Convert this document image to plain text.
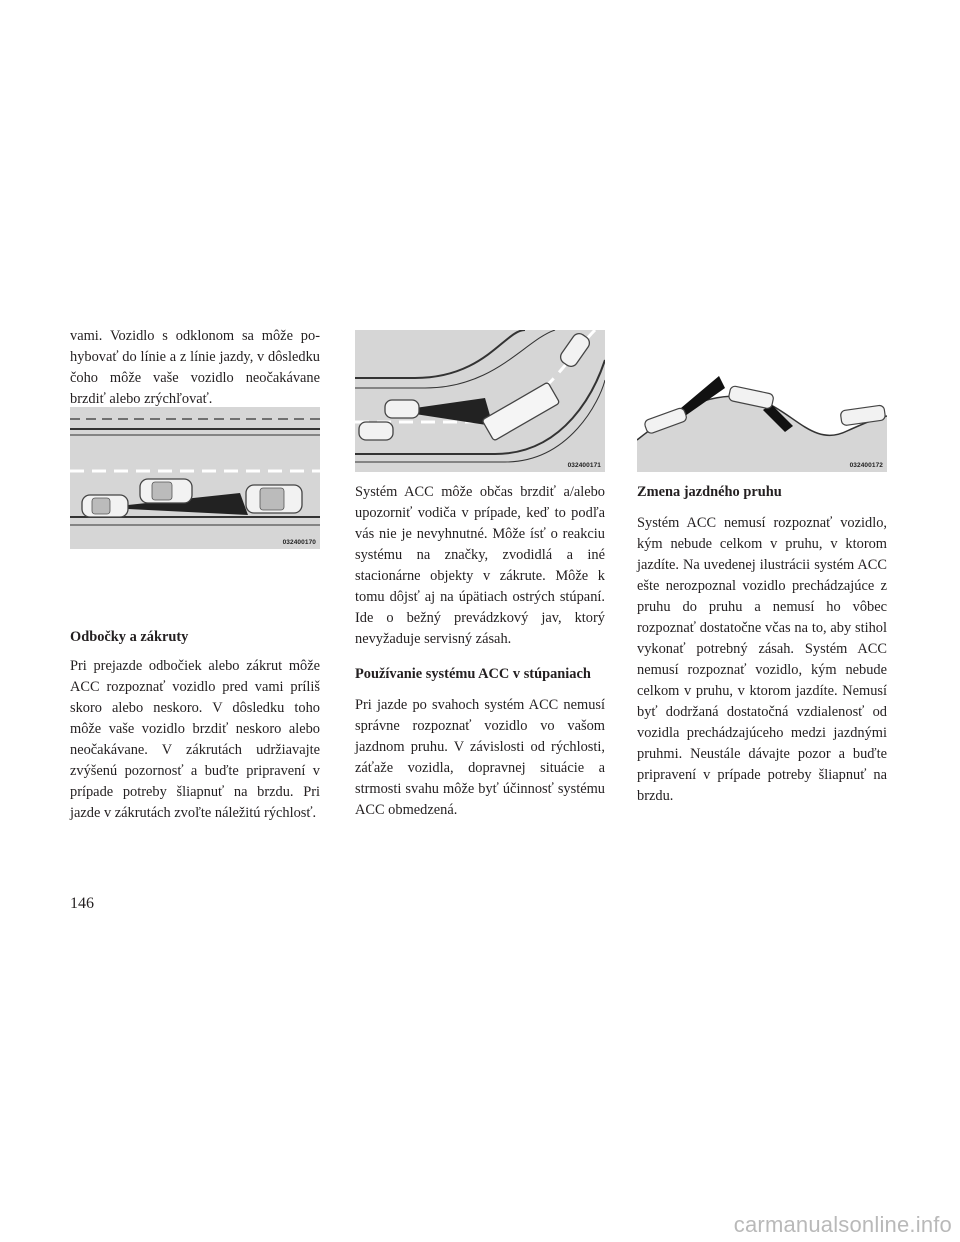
vami. Vozidlo s odklonom sa môže pohybovať do línie a z línie jazdy, v dôsledku čoho môže vaše vozidlo neočakávane brzdiť alebo zrýchľovať.

Odbočky a zákruty

Pri prejazde odbočiek alebo zákrut môže ACC rozpoznať vozidlo pred vami príliš skoro alebo neskoro. V dôsledku toho môže vaše vozidlo brzdiť neskoro alebo neočakávane. V zákrutách udržiavajte zvýšenú pozornosť a buďte pripravení v prípade potreby šliapnuť na brzdu. Pri jazde v zákrutách zvoľte náležitú rýchlosť.

032400170
032400171

Systém ACC môže občas brzdiť a/alebo upozorniť vodiča v prípade, keď to podľa vás nie je nevyhnutné. Môže ísť o reakciu systému na značky, zvodidlá a iné stacionárne objekty v zákrute. Môže k tomu dôjsť aj na úpätiach ostrých stúpaní. Ide o bežný prevádzkový jav, ktorý nevyžaduje servisný zásah.

Používanie systému ACC v stúpaniach

Pri jazde po svahoch systém ACC nemusí správne rozpoznať vozidlo vo vašom jazdnom pruhu. V závislosti od rýchlosti, záťaže vozidla, dopravnej situácie a strmosti svahu môže byť účinnosť systému ACC obmedzená.

032400172
Zmena jazdného pruhu

Systém ACC nemusí rozpoznať vozidlo, kým nebude celkom v pruhu, v ktorom jazdíte. Na uvedenej ilustrácii systém ACC ešte nerozpoznal vozidlo prechádzajúce z pruhu do pruhu a nemusí ho vôbec rozpoznať dostatočne včas na to, aby stihol vykonať potrebný zásah. Systém ACC nemusí rozpoznať vozidlo, kým nebude celkom v pruhu, v ktorom jazdíte. Nemusí byť dodržaná dostatočná vzdialenosť od vozidla prechádzajúceho medzi jazdnými pruhmi. Neustále dávajte pozor a buďte pripravení v prípade potreby šliapnuť na brzdu.

146
carmanualsonline.info
